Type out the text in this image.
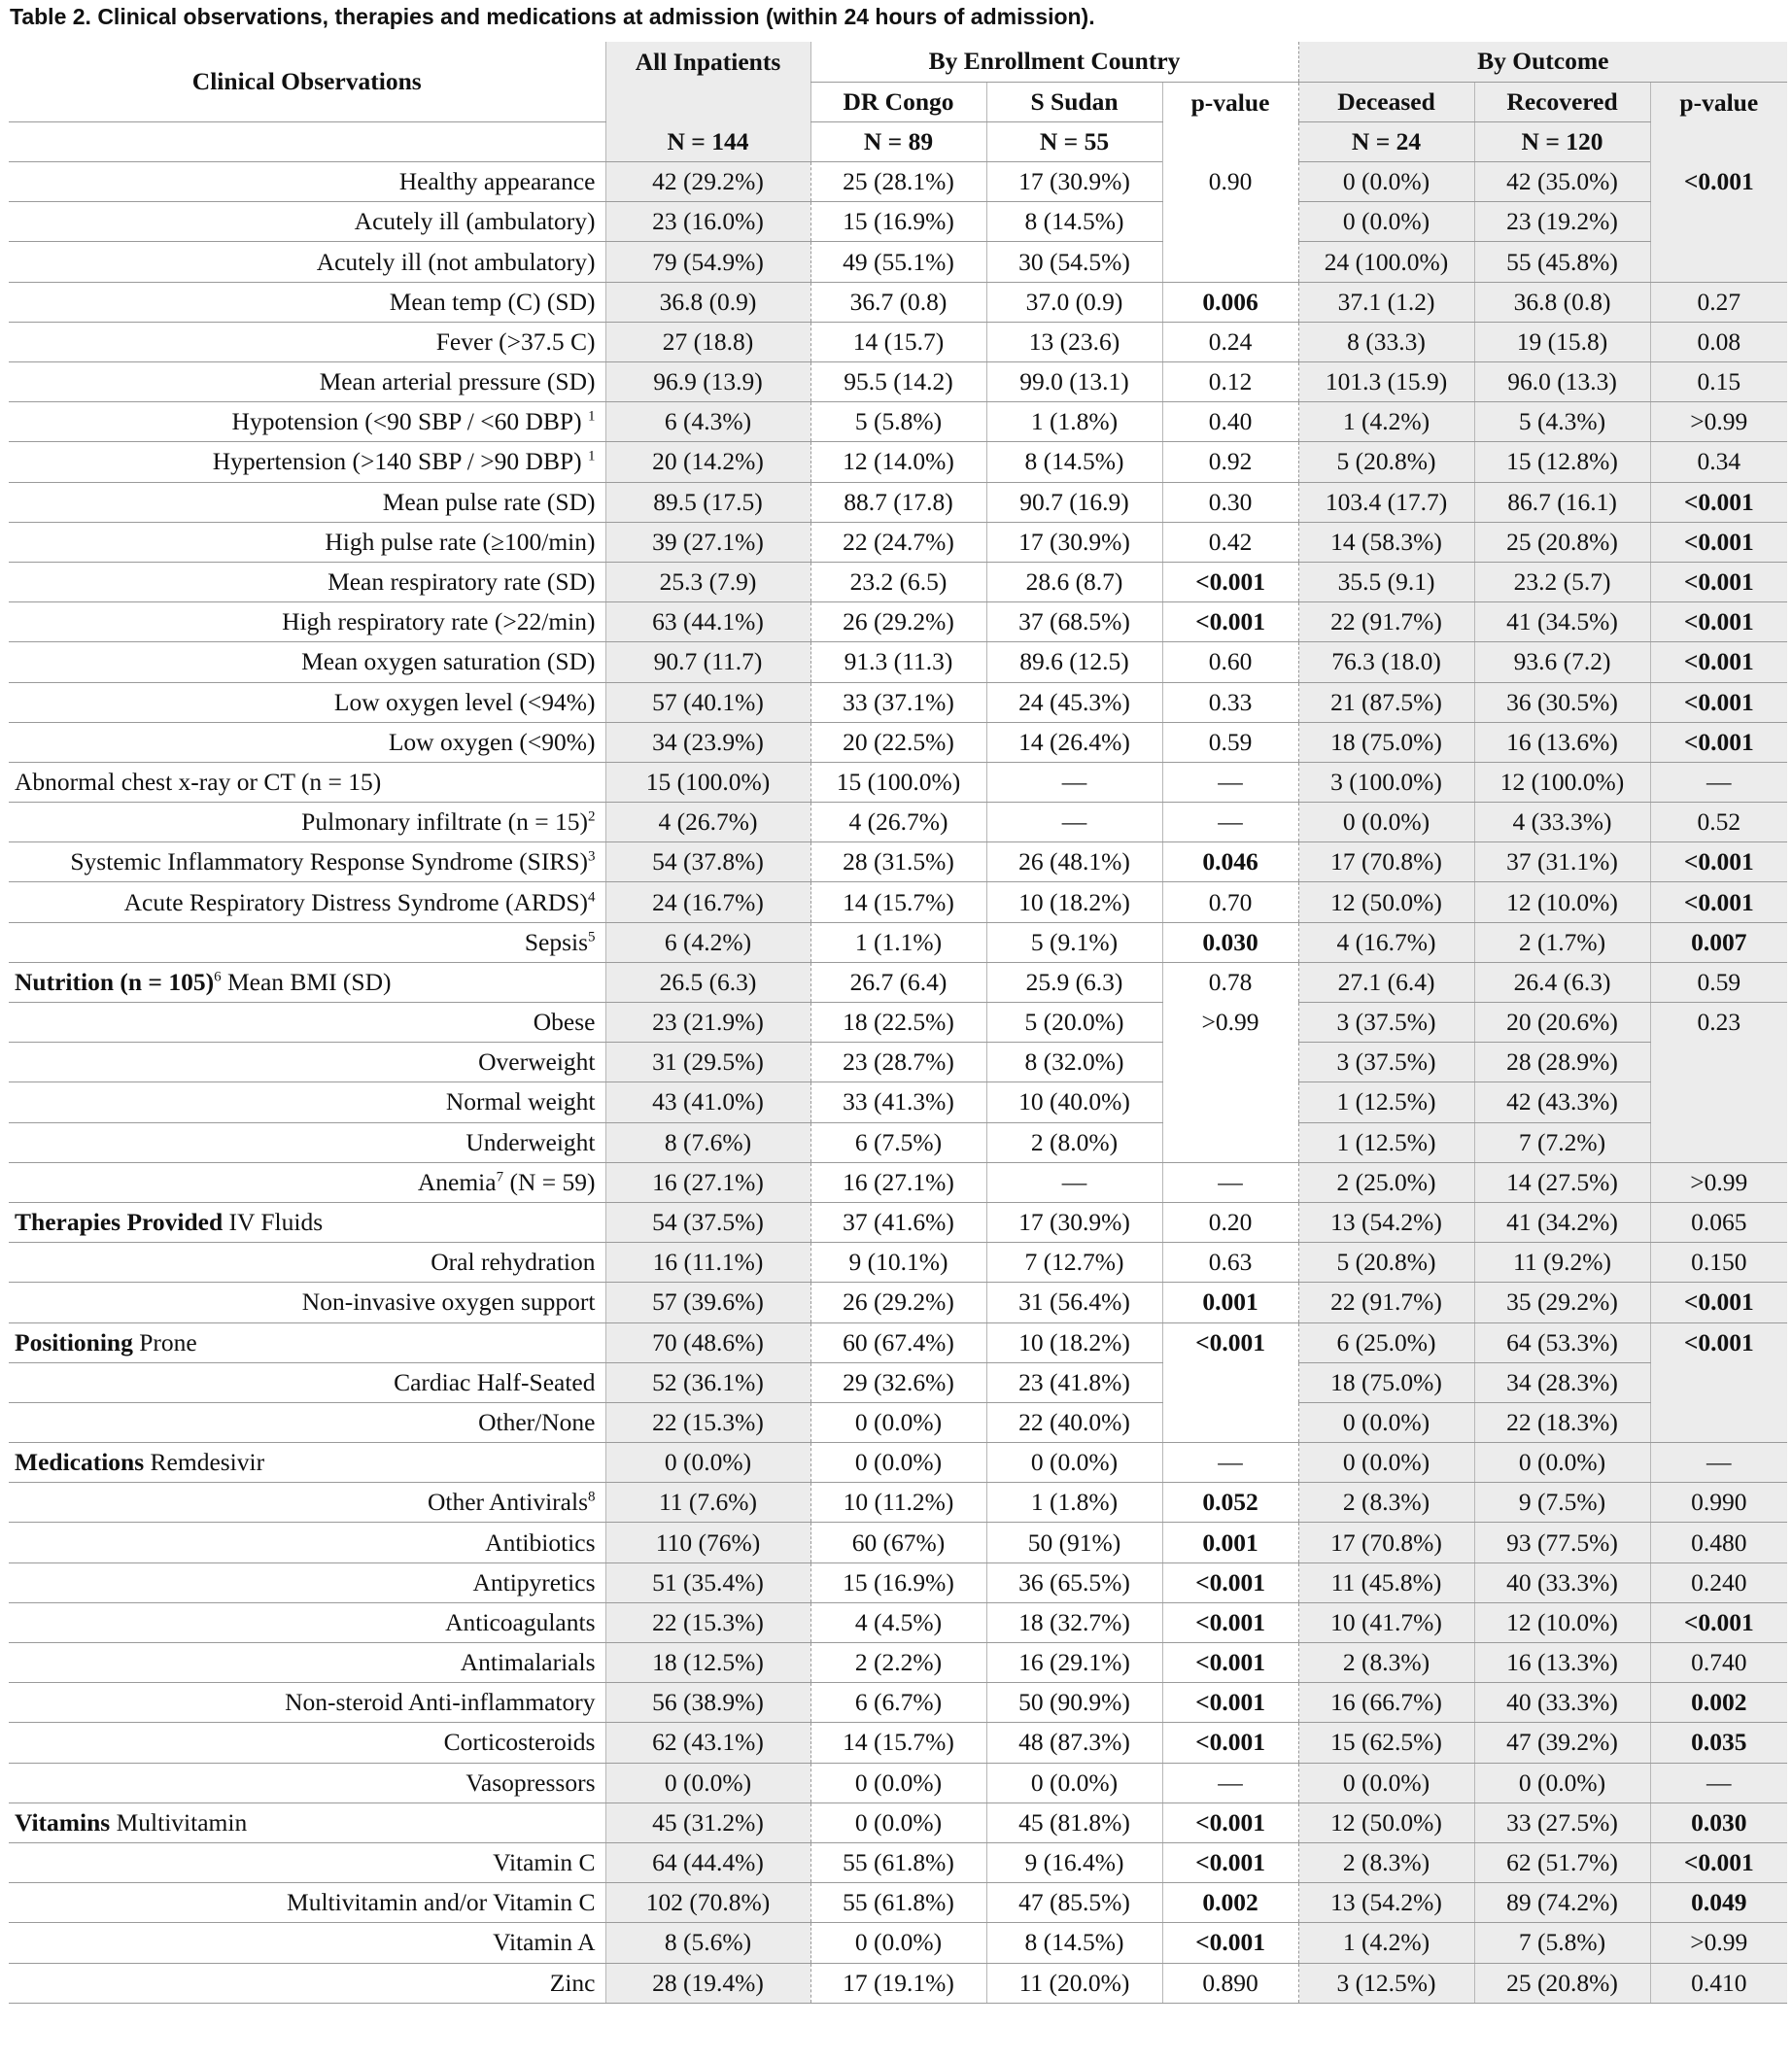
Table 2. Clinical observations, therapies and medications at admission (within 24 hours of admission).

Clinical Observations	All Inpatients	By Enrollment Country			By Outcome		
		DR Congo	S Sudan	p-value	Deceased	Recovered	p-value
	N = 144	N = 89	N = 55		N = 24	N = 120	
Healthy appearance	42 (29.2%)	25 (28.1%)	17 (30.9%)	0.90	0 (0.0%)	42 (35.0%)	<0.001
Acutely ill (ambulatory)	23 (16.0%)	15 (16.9%)	8 (14.5%)		0 (0.0%)	23 (19.2%)	
Acutely ill (not ambulatory)	79 (54.9%)	49 (55.1%)	30 (54.5%)		24 (100.0%)	55 (45.8%)	
Mean temp (C) (SD)	36.8 (0.9)	36.7 (0.8)	37.0 (0.9)	0.006	37.1 (1.2)	36.8 (0.8)	0.27
Fever (>37.5 C)	27 (18.8)	14 (15.7)	13 (23.6)	0.24	8 (33.3)	19 (15.8)	0.08
Mean arterial pressure (SD)	96.9 (13.9)	95.5 (14.2)	99.0 (13.1)	0.12	101.3 (15.9)	96.0 (13.3)	0.15
Hypotension (<90 SBP / <60 DBP) $^1$	6 (4.3%)	5 (5.8%)	1 (1.8%)	0.40	1 (4.2%)	5 (4.3%)	>0.99
Hypertension (>140 SBP / >90 DBP) $^1$	20 (14.2%)	12 (14.0%)	8 (14.5%)	0.92	5 (20.8%)	15 (12.8%)	0.34
Mean pulse rate (SD)	89.5 (17.5)	88.7 (17.8)	90.7 (16.9)	0.30	103.4 (17.7)	86.7 (16.1)	<0.001
High pulse rate (≥100/min)	39 (27.1%)	22 (24.7%)	17 (30.9%)	0.42	14 (58.3%)	25 (20.8%)	<0.001
Mean respiratory rate (SD)	25.3 (7.9)	23.2 (6.5)	28.6 (8.7)	<0.001	35.5 (9.1)	23.2 (5.7)	<0.001
High respiratory rate (>22/min)	63 (44.1%)	26 (29.2%)	37 (68.5%)	<0.001	22 (91.7%)	41 (34.5%)	<0.001
Mean oxygen saturation (SD)	90.7 (11.7)	91.3 (11.3)	89.6 (12.5)	0.60	76.3 (18.0)	93.6 (7.2)	<0.001
Low oxygen level (<94%)	57 (40.1%)	33 (37.1%)	24 (45.3%)	0.33	21 (87.5%)	36 (30.5%)	<0.001
Low oxygen (<90%)	34 (23.9%)	20 (22.5%)	14 (26.4%)	0.59	18 (75.0%)	16 (13.6%)	<0.001
Abnormal chest x-ray or CT (n = 15)	15 (100.0%)	15 (100.0%)	—	—	3 (100.0%)	12 (100.0%)	—
Pulmonary infiltrate (n = 15)$^2$	4 (26.7%)	4 (26.7%)	—	—	0 (0.0%)	4 (33.3%)	0.52
Systemic Inflammatory Response Syndrome (SIRS)$^3$	54 (37.8%)	28 (31.5%)	26 (48.1%)	0.046	17 (70.8%)	37 (31.1%)	<0.001
Acute Respiratory Distress Syndrome (ARDS)$^4$	24 (16.7%)	14 (15.7%)	10 (18.2%)	0.70	12 (50.0%)	12 (10.0%)	<0.001
Sepsis$^5$	6 (4.2%)	1 (1.1%)	5 (9.1%)	0.030	4 (16.7%)	2 (1.7%)	0.007
Nutrition (n = 105)$^6$ Mean BMI (SD)	26.5 (6.3)	26.7 (6.4)	25.9 (6.3)	0.78	27.1 (6.4)	26.4 (6.3)	0.59
Obese	23 (21.9%)	18 (22.5%)	5 (20.0%)	>0.99	3 (37.5%)	20 (20.6%)	0.23
Overweight	31 (29.5%)	23 (28.7%)	8 (32.0%)		3 (37.5%)	28 (28.9%)	
Normal weight	43 (41.0%)	33 (41.3%)	10 (40.0%)		1 (12.5%)	42 (43.3%)	
Underweight	8 (7.6%)	6 (7.5%)	2 (8.0%)		1 (12.5%)	7 (7.2%)	
Anemia$^7$ (N = 59)	16 (27.1%)	16 (27.1%)	—	—	2 (25.0%)	14 (27.5%)	>0.99
Therapies Provided IV Fluids	54 (37.5%)	37 (41.6%)	17 (30.9%)	0.20	13 (54.2%)	41 (34.2%)	0.065
Oral rehydration	16 (11.1%)	9 (10.1%)	7 (12.7%)	0.63	5 (20.8%)	11 (9.2%)	0.150
Non-invasive oxygen support	57 (39.6%)	26 (29.2%)	31 (56.4%)	0.001	22 (91.7%)	35 (29.2%)	<0.001
Positioning Prone	70 (48.6%)	60 (67.4%)	10 (18.2%)	<0.001	6 (25.0%)	64 (53.3%)	<0.001
Cardiac Half-Seated	52 (36.1%)	29 (32.6%)	23 (41.8%)		18 (75.0%)	34 (28.3%)	
Other/None	22 (15.3%)	0 (0.0%)	22 (40.0%)		0 (0.0%)	22 (18.3%)	
Medications Remdesivir	0 (0.0%)	0 (0.0%)	0 (0.0%)	—	0 (0.0%)	0 (0.0%)	—
Other Antivirals$^8$	11 (7.6%)	10 (11.2%)	1 (1.8%)	0.052	2 (8.3%)	9 (7.5%)	0.990
Antibiotics	110 (76%)	60 (67%)	50 (91%)	0.001	17 (70.8%)	93 (77.5%)	0.480
Antipyretics	51 (35.4%)	15 (16.9%)	36 (65.5%)	<0.001	11 (45.8%)	40 (33.3%)	0.240
Anticoagulants	22 (15.3%)	4 (4.5%)	18 (32.7%)	<0.001	10 (41.7%)	12 (10.0%)	<0.001
Antimalarials	18 (12.5%)	2 (2.2%)	16 (29.1%)	<0.001	2 (8.3%)	16 (13.3%)	0.740
Non-steroid Anti-inflammatory	56 (38.9%)	6 (6.7%)	50 (90.9%)	<0.001	16 (66.7%)	40 (33.3%)	0.002
Corticosteroids	62 (43.1%)	14 (15.7%)	48 (87.3%)	<0.001	15 (62.5%)	47 (39.2%)	0.035
Vasopressors	0 (0.0%)	0 (0.0%)	0 (0.0%)	—	0 (0.0%)	0 (0.0%)	—
Vitamins Multivitamin	45 (31.2%)	0 (0.0%)	45 (81.8%)	<0.001	12 (50.0%)	33 (27.5%)	0.030
Vitamin C	64 (44.4%)	55 (61.8%)	9 (16.4%)	<0.001	2 (8.3%)	62 (51.7%)	<0.001
Multivitamin and/or Vitamin C	102 (70.8%)	55 (61.8%)	47 (85.5%)	0.002	13 (54.2%)	89 (74.2%)	0.049
Vitamin A	8 (5.6%)	0 (0.0%)	8 (14.5%)	<0.001	1 (4.2%)	7 (5.8%)	>0.99
Zinc	28 (19.4%)	17 (19.1%)	11 (20.0%)	0.890	3 (12.5%)	25 (20.8%)	0.410
